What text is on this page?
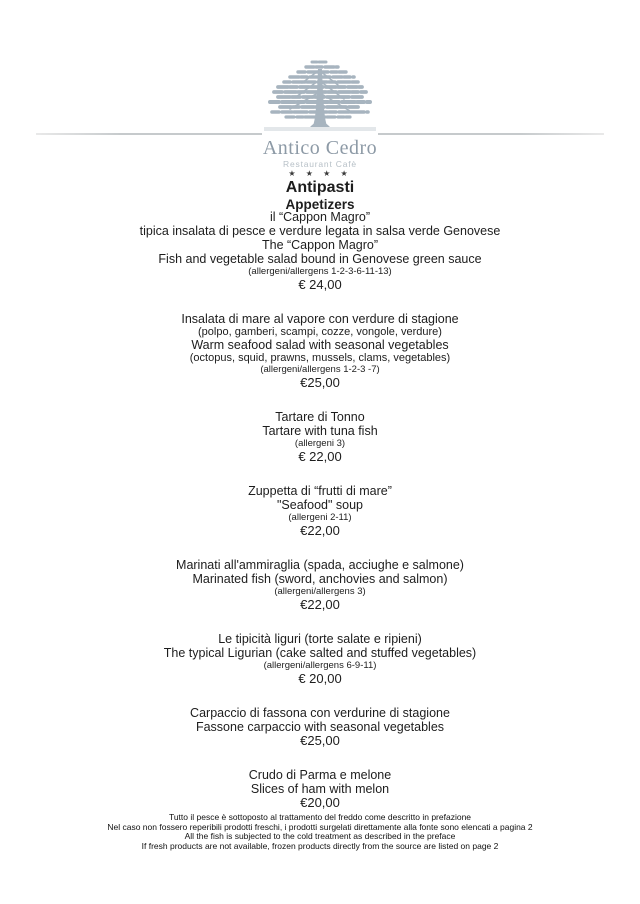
Antico Cedro
Restaurant Cafè
★ ★ ★ ★
Antipasti
Appetizers
il “Cappon Magro”
tipica insalata di pesce e verdure legata in salsa verde Genovese
The “Cappon Magro”
Fish and vegetable salad bound in Genovese green sauce
(allergeni/allergens 1-2-3-6-11-13)
€ 24,00
Insalata di mare al vapore con verdure di stagione
(polpo, gamberi, scampi, cozze, vongole, verdure)
Warm seafood salad with seasonal vegetables
(octopus, squid, prawns, mussels, clams, vegetables)
(allergeni/allergens 1-2-3 -7)
€25,00
Tartare di Tonno
Tartare with tuna fish
(allergeni 3)
€ 22,00
Zuppetta di “frutti di mare”
"Seafood" soup
(allergeni 2-11)
€22,00
Marinati all'ammiraglia (spada, acciughe e salmone)
Marinated fish (sword, anchovies and salmon)
(allergeni/allergens 3)
€22,00
Le tipicità liguri (torte salate e ripieni)
The typical Ligurian (cake salted and stuffed vegetables)
(allergeni/allergens 6-9-11)
€ 20,00
Carpaccio di fassona con verdurine di stagione
Fassone carpaccio with seasonal vegetables
€25,00
Crudo di Parma e melone
Slices of ham with melon
€20,00
Tutto il pesce è sottoposto al trattamento del freddo come descritto in prefazione
Nel caso non fossero reperibili prodotti freschi, i prodotti surgelati direttamente alla fonte sono elencati a pagina 2
All the fish is subjected to the cold treatment as described in the preface
If fresh products are not available, frozen products directly from the source are listed on page 2
